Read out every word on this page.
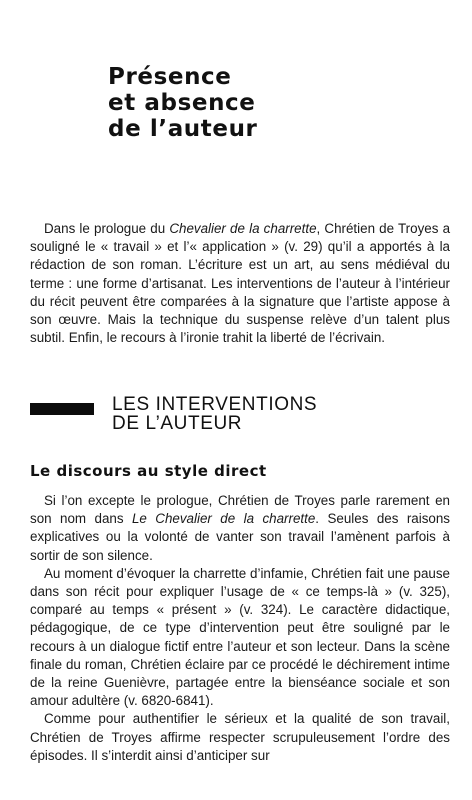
Présence
et absence
de l’auteur

Dans le prologue du Chevalier de la charrette, Chrétien de Troyes a souligné le « travail » et l’« application » (v. 29) qu’il a apportés à la rédaction de son roman. L’écriture est un art, au sens médiéval du terme : une forme d’artisanat. Les interventions de l’auteur à l’intérieur du récit peuvent être comparées à la signature que l’artiste appose à son œuvre. Mais la technique du suspense relève d’un talent plus subtil. Enfin, le recours à l’ironie trahit la liberté de l’écrivain.

LES INTERVENTIONS
DE L’AUTEUR
Le discours au style direct

Si l’on excepte le prologue, Chrétien de Troyes parle rarement en son nom dans Le Chevalier de la charrette. Seules des raisons explicatives ou la volonté de vanter son travail l’amènent parfois à sortir de son silence.

Au moment d’évoquer la charrette d’infamie, Chrétien fait une pause dans son récit pour expliquer l’usage de « ce temps-là » (v. 325), comparé au temps « présent » (v. 324). Le caractère didactique, pédagogique, de ce type d’intervention peut être souligné par le recours à un dialogue fictif entre l’auteur et son lecteur. Dans la scène finale du roman, Chrétien éclaire par ce procédé le déchirement intime de la reine Guenièvre, partagée entre la bienséance sociale et son amour adultère (v. 6820-6841).

Comme pour authentifier le sérieux et la qualité de son travail, Chrétien de Troyes affirme respecter scrupuleusement l’ordre des épisodes. Il s’interdit ainsi d’anticiper sur
